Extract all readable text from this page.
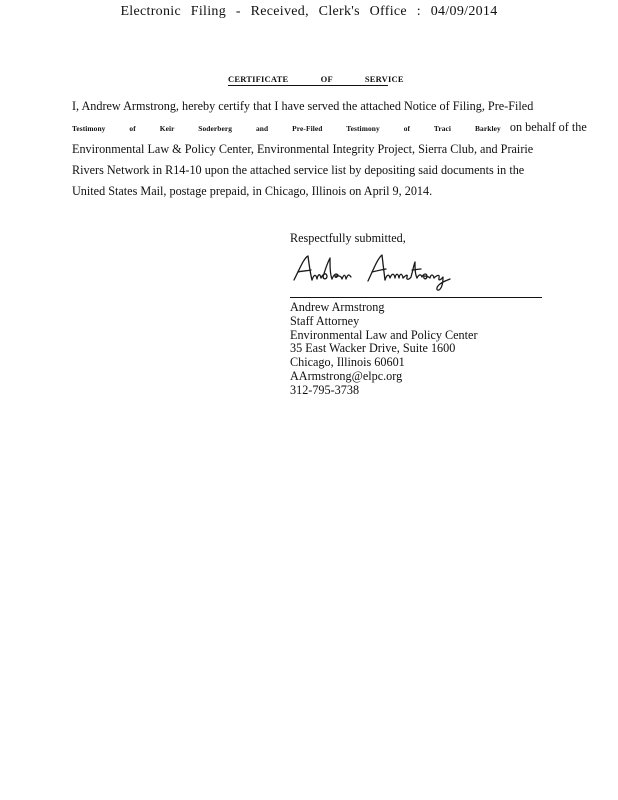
Electronic Filing - Received, Clerk's Office : 04/09/2014
CERTIFICATE OF SERVICE

I, Andrew Armstrong, hereby certify that I have served the attached Notice of Filing, Pre-Filed

Testimony of Keir Soderberg and Pre-Filed Testimony of Traci Barkley on behalf of the

Environmental Law & Policy Center, Environmental Integrity Project, Sierra Club, and Prairie

Rivers Network in R14-10 upon the attached service list by depositing said documents in the

United States Mail, postage prepaid, in Chicago, Illinois on April 9, 2014.

Respectfully submitted,
Andrew Armstrong
Staff Attorney
Environmental Law and Policy Center
35 East Wacker Drive, Suite 1600
Chicago, Illinois 60601
AArmstrong@elpc.org
312-795-3738
